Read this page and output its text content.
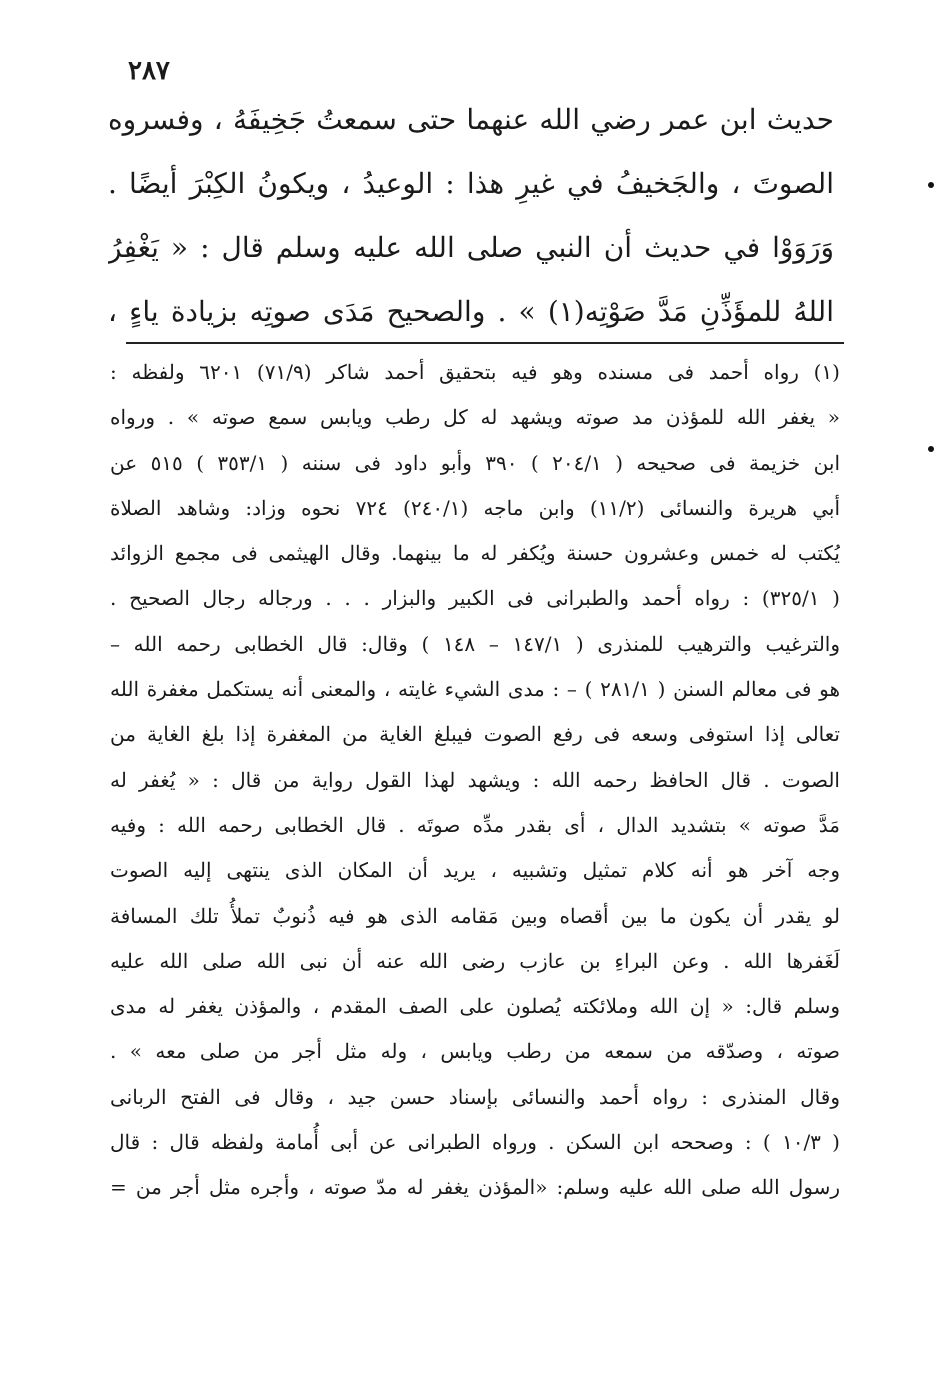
٢٨٧
حديث ابن عمر رضي الله عنهما حتى سمعتُ جَخِيفَهُ ، وفسروه
الصوتَ ، والجَخيفُ في غيرِ هذا : الوعيدُ ، ويكونُ الكِبْرَ أيضًا .
وَرَوَوْا في حديث أن النبي صلى الله عليه وسلم قال : « يَغْفِرُ
اللهُ للمؤَذِّنِ مَدَّ صَوْتِه(١) » . والصحيح مَدَى صوتِه بزيادة ياءٍ ،
(١) رواه أحمد فى مسنده وهو فيه بتحقيق أحمد شاكر (٧١/٩) ٦٢٠١ ولفظه :
« يغفر الله للمؤذن مد صوته ويشهد له كل رطب ويابس سمع صوته » . ورواه
ابن خزيمة فى صحيحه ( ٢٠٤/١ ) ٣٩٠ وأبو داود فى سننه ( ٣٥٣/١ ) ٥١٥ عن
أبي هريرة والنسائى (١١/٢) وابن ماجه (٢٤٠/١) ٧٢٤ نحوه وزاد: وشاهد الصلاة
يُكتب له خمس وعشرون حسنة ويُكفر له ما بينهما. وقال الهيثمى فى مجمع الزوائد
( ٣٢٥/١) : رواه أحمد والطبرانى فى الكبير والبزار . . . ورجاله رجال الصحيح .
والترغيب والترهيب للمنذرى ( ١٤٧/١ – ١٤٨ ) وقال: قال الخطابى رحمه الله –
هو فى معالم السنن ( ٢٨١/١ ) – : مدى الشيء غايته ، والمعنى أنه يستكمل مغفرة الله
تعالى إذا استوفى وسعه فى رفع الصوت فيبلغ الغاية من المغفرة إذا بلغ الغاية من
الصوت . قال الحافظ رحمه الله : ويشهد لهذا القول رواية من قال : « يُغفر له
مَدَّ صوته » بتشديد الدال ، أى بقدر مدِّه صوتَه . قال الخطابى رحمه الله : وفيه
وجه آخر هو أنه كلام تمثيل وتشبيه ، يريد أن المكان الذى ينتهى إليه الصوت
لو يقدر أن يكون ما بين أقصاه وبين مَقامه الذى هو فيه ذُنوبٌ تملأُ تلك المسافة
لَغَفرها الله . وعن البراءِ بن عازب رضى الله عنه أن نبى الله صلى الله عليه
وسلم قال: « إن الله وملائكته يُصلون على الصف المقدم ، والمؤذن يغفر له مدى
صوته ، وصدّقه من سمعه من رطب ويابس ، وله مثل أجر من صلى معه » .
وقال المنذرى : رواه أحمد والنسائى بإسناد حسن جيد ، وقال فى الفتح الربانى
( ١٠/٣ ) : وصححه ابن السكن . ورواه الطبرانى عن أبى أُمامة ولفظه قال : قال
رسول الله صلى الله عليه وسلم: «المؤذن يغفر له مدّ صوته ، وأجره مثل أجر من =
